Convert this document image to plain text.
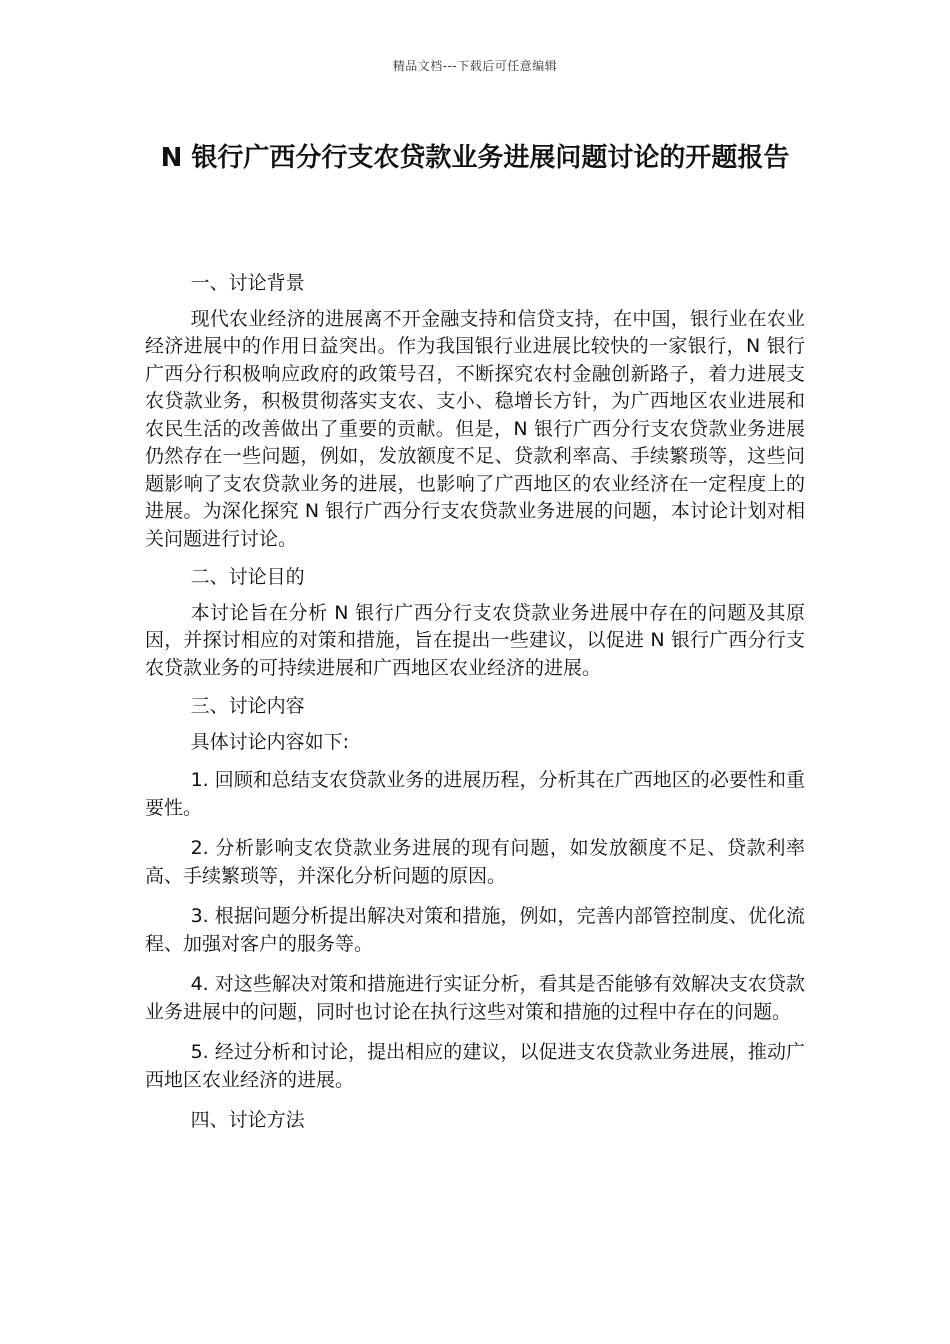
精品文档---下载后可任意编辑
N 银行广西分行支农贷款业务进展问题讨论的开题报告
一、讨论背景
现代农业经济的进展离不开金融支持和信贷支持，在中国，银行业在农业经济进展中的作用日益突出。作为我国银行业进展比较快的一家银行，N 银行广西分行积极响应政府的政策号召，不断探究农村金融创新路子，着力进展支农贷款业务，积极贯彻落实支农、支小、稳增长方针，为广西地区农业进展和农民生活的改善做出了重要的贡献。但是，N 银行广西分行支农贷款业务进展仍然存在一些问题，例如，发放额度不足、贷款利率高、手续繁琐等，这些问题影响了支农贷款业务的进展，也影响了广西地区的农业经济在一定程度上的进展。为深化探究 N 银行广西分行支农贷款业务进展的问题，本讨论计划对相关问题进行讨论。
二、讨论目的
本讨论旨在分析 N 银行广西分行支农贷款业务进展中存在的问题及其原因，并探讨相应的对策和措施，旨在提出一些建议，以促进 N 银行广西分行支农贷款业务的可持续进展和广西地区农业经济的进展。
三、讨论内容
具体讨论内容如下:
1. 回顾和总结支农贷款业务的进展历程，分析其在广西地区的必要性和重要性。
2. 分析影响支农贷款业务进展的现有问题，如发放额度不足、贷款利率高、手续繁琐等，并深化分析问题的原因。
3. 根据问题分析提出解决对策和措施，例如，完善内部管控制度、优化流程、加强对客户的服务等。
4. 对这些解决对策和措施进行实证分析，看其是否能够有效解决支农贷款业务进展中的问题，同时也讨论在执行这些对策和措施的过程中存在的问题。
5. 经过分析和讨论，提出相应的建议，以促进支农贷款业务进展，推动广西地区农业经济的进展。
四、讨论方法
